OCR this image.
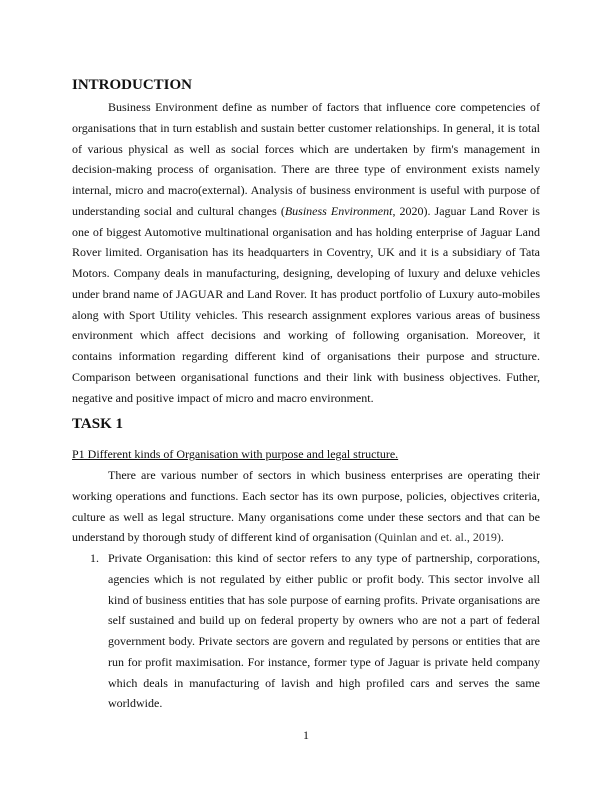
INTRODUCTION
Business Environment define as number of factors that influence core competencies of
organisations that in turn establish and sustain better customer relationships. In general, it is total
of various physical as well as social forces which are undertaken by firm's management in
decision-making process of organisation. There are three type of environment exists namely
internal, micro and macro(external). Analysis of business environment is useful with purpose of
understanding social and cultural changes (Business Environment, 2020). Jaguar Land Rover is
one of biggest Automotive multinational organisation and has holding enterprise of Jaguar Land
Rover limited. Organisation has its headquarters in Coventry, UK and it is a subsidiary of Tata
Motors. Company deals in manufacturing, designing, developing of luxury and deluxe vehicles
under brand name of JAGUAR and Land Rover. It has product portfolio of Luxury auto-mobiles
along with Sport Utility vehicles. This research assignment explores various areas of business
environment which affect decisions and working of following organisation. Moreover, it
contains information regarding different kind of organisations their purpose and structure.
Comparison between organisational functions and their link with business objectives. Futher,
negative and positive impact of micro and macro environment.
TASK 1
P1 Different kinds of Organisation with purpose and legal structure.
There are various number of sectors in which business enterprises are operating their
working operations and functions. Each sector has its own purpose, policies, objectives criteria,
culture as well as legal structure. Many organisations come under these sectors and that can be
understand by thorough study of different kind of organisation (Quinlan and et. al., 2019).
1. Private Organisation: this kind of sector refers to any type of partnership, corporations,
agencies which is not regulated by either public or profit body. This sector involve all
kind of business entities that has sole purpose of earning profits. Private organisations are
self sustained and build up on federal property by owners who are not a part of federal
government body. Private sectors are govern and regulated by persons or entities that are
run for profit maximisation. For instance, former type of Jaguar is private held company
which deals in manufacturing of lavish and high profiled cars and serves the same
worldwide.
1
